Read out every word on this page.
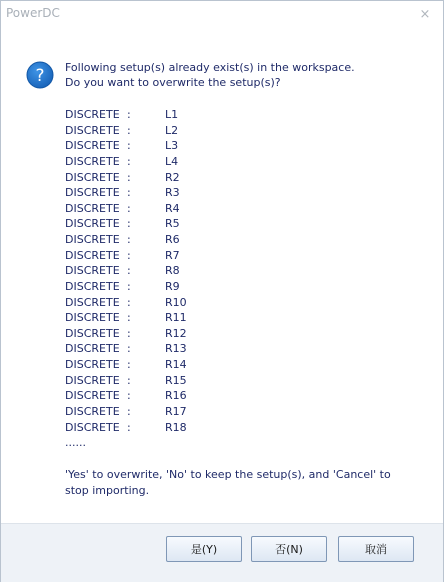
PowerDC	×
? Following setup(s) already exist(s) in the workspace.
Do you want to overwrite the setup(s)?
DISCRETE :	L1
DISCRETE :	L2
DISCRETE :	L3
DISCRETE :	L4
DISCRETE :	R2
DISCRETE :	R3
DISCRETE :	R4
DISCRETE :	R5
DISCRETE :	R6
DISCRETE :	R7
DISCRETE :	R8
DISCRETE :	R9
DISCRETE :	R10
DISCRETE :	R11
DISCRETE :	R12
DISCRETE :	R13
DISCRETE :	R14
DISCRETE :	R15
DISCRETE :	R16
DISCRETE :	R17
DISCRETE :	R18
......
'Yes' to overwrite, 'No' to keep the setup(s), and 'Cancel' to stop importing.
是(Y)	否(N)	取消
